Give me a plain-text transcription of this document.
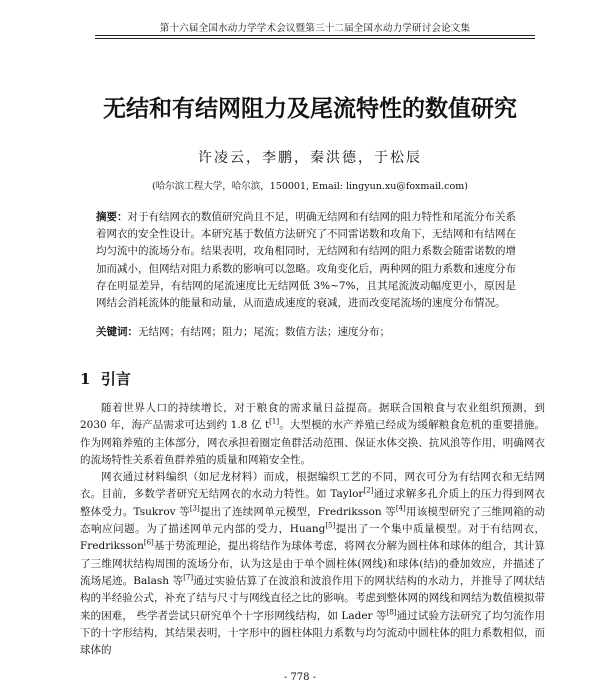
第十六届全国水动力学学术会议暨第三十二届全国水动力学研讨会论文集
无结和有结网阻力及尾流特性的数值研究
许凌云，李鹏，秦洪德，于松辰
(哈尔滨工程大学，哈尔滨，150001, Email: lingyun.xu@foxmail.com)
摘要：对于有结网衣的数值研究尚且不足，明确无结网和有结网的阻力特性和尾流分布关系着网衣的安全性设计。本研究基于数值方法研究了不同雷诺数和攻角下，无结网和有结网在均匀流中的流场分布。结果表明，攻角相同时，无结网和有结网的阻力系数会随雷诺数的增加而减小，但网结对阻力系数的影响可以忽略。攻角变化后，两种网的阻力系数和速度分布存在明显差异，有结网的尾流速度比无结网低 3%~7%，且其尾流波动幅度更小，原因是网结会消耗流体的能量和动量，从而造成速度的衰减，进而改变尾流场的速度分布情况。
关键词：无结网；有结网；阻力；尾流；数值方法；速度分布；
1 引言

随着世界人口的持续增长，对于粮食的需求量日益提高。据联合国粮食与农业组织预测，到 2030 年，海产品需求可达到约 1.8 亿 t[1]。大型模的水产养殖已经成为缓解粮食危机的重要措施。作为网箱养殖的主体部分，网衣承担着圈定鱼群活动范围、保证水体交换、抗风浪等作用，明确网衣的流场特性关系着鱼群养殖的质量和网箱安全性。

网衣通过材料编织（如尼龙材料）而成，根据编织工艺的不同，网衣可分为有结网衣和无结网衣。目前，多数学者研究无结网衣的水动力特性。如 Taylor[2]通过求解多孔介质上的压力得到网衣整体受力。Tsukrov 等[3]提出了连续网单元模型，Fredriksson 等[4]用该模型研究了三维网箱的动态响应问题。为了描述网单元内部的受力，Huang[5]提出了一个集中质量模型。对于有结网衣，Fredriksson[6]基于势流理论，提出将结作为球体考虑，将网衣分解为圆柱体和球体的组合，其计算了三维网状结构周围的流场分布，认为这是由于单个圆柱体(网线)和球体(结)的叠加效应，并描述了流场尾迹。Balash 等[7]通过实验估算了在波浪和波浪作用下的网状结构的水动力，并推导了网状结构的半经验公式，补充了结与尺寸与网线直径之比的影响。考虑到整体网的网线和网结为数值模拟带来的困难， 些学者尝试只研究单个十字形网线结构，如 Lader 等[8]通过试验方法研究了均匀流作用下的十字形结构，其结果表明，十字形中的圆柱体阻力系数与均匀流动中圆柱体的阻力系数相似，而球体的

- 778 -
